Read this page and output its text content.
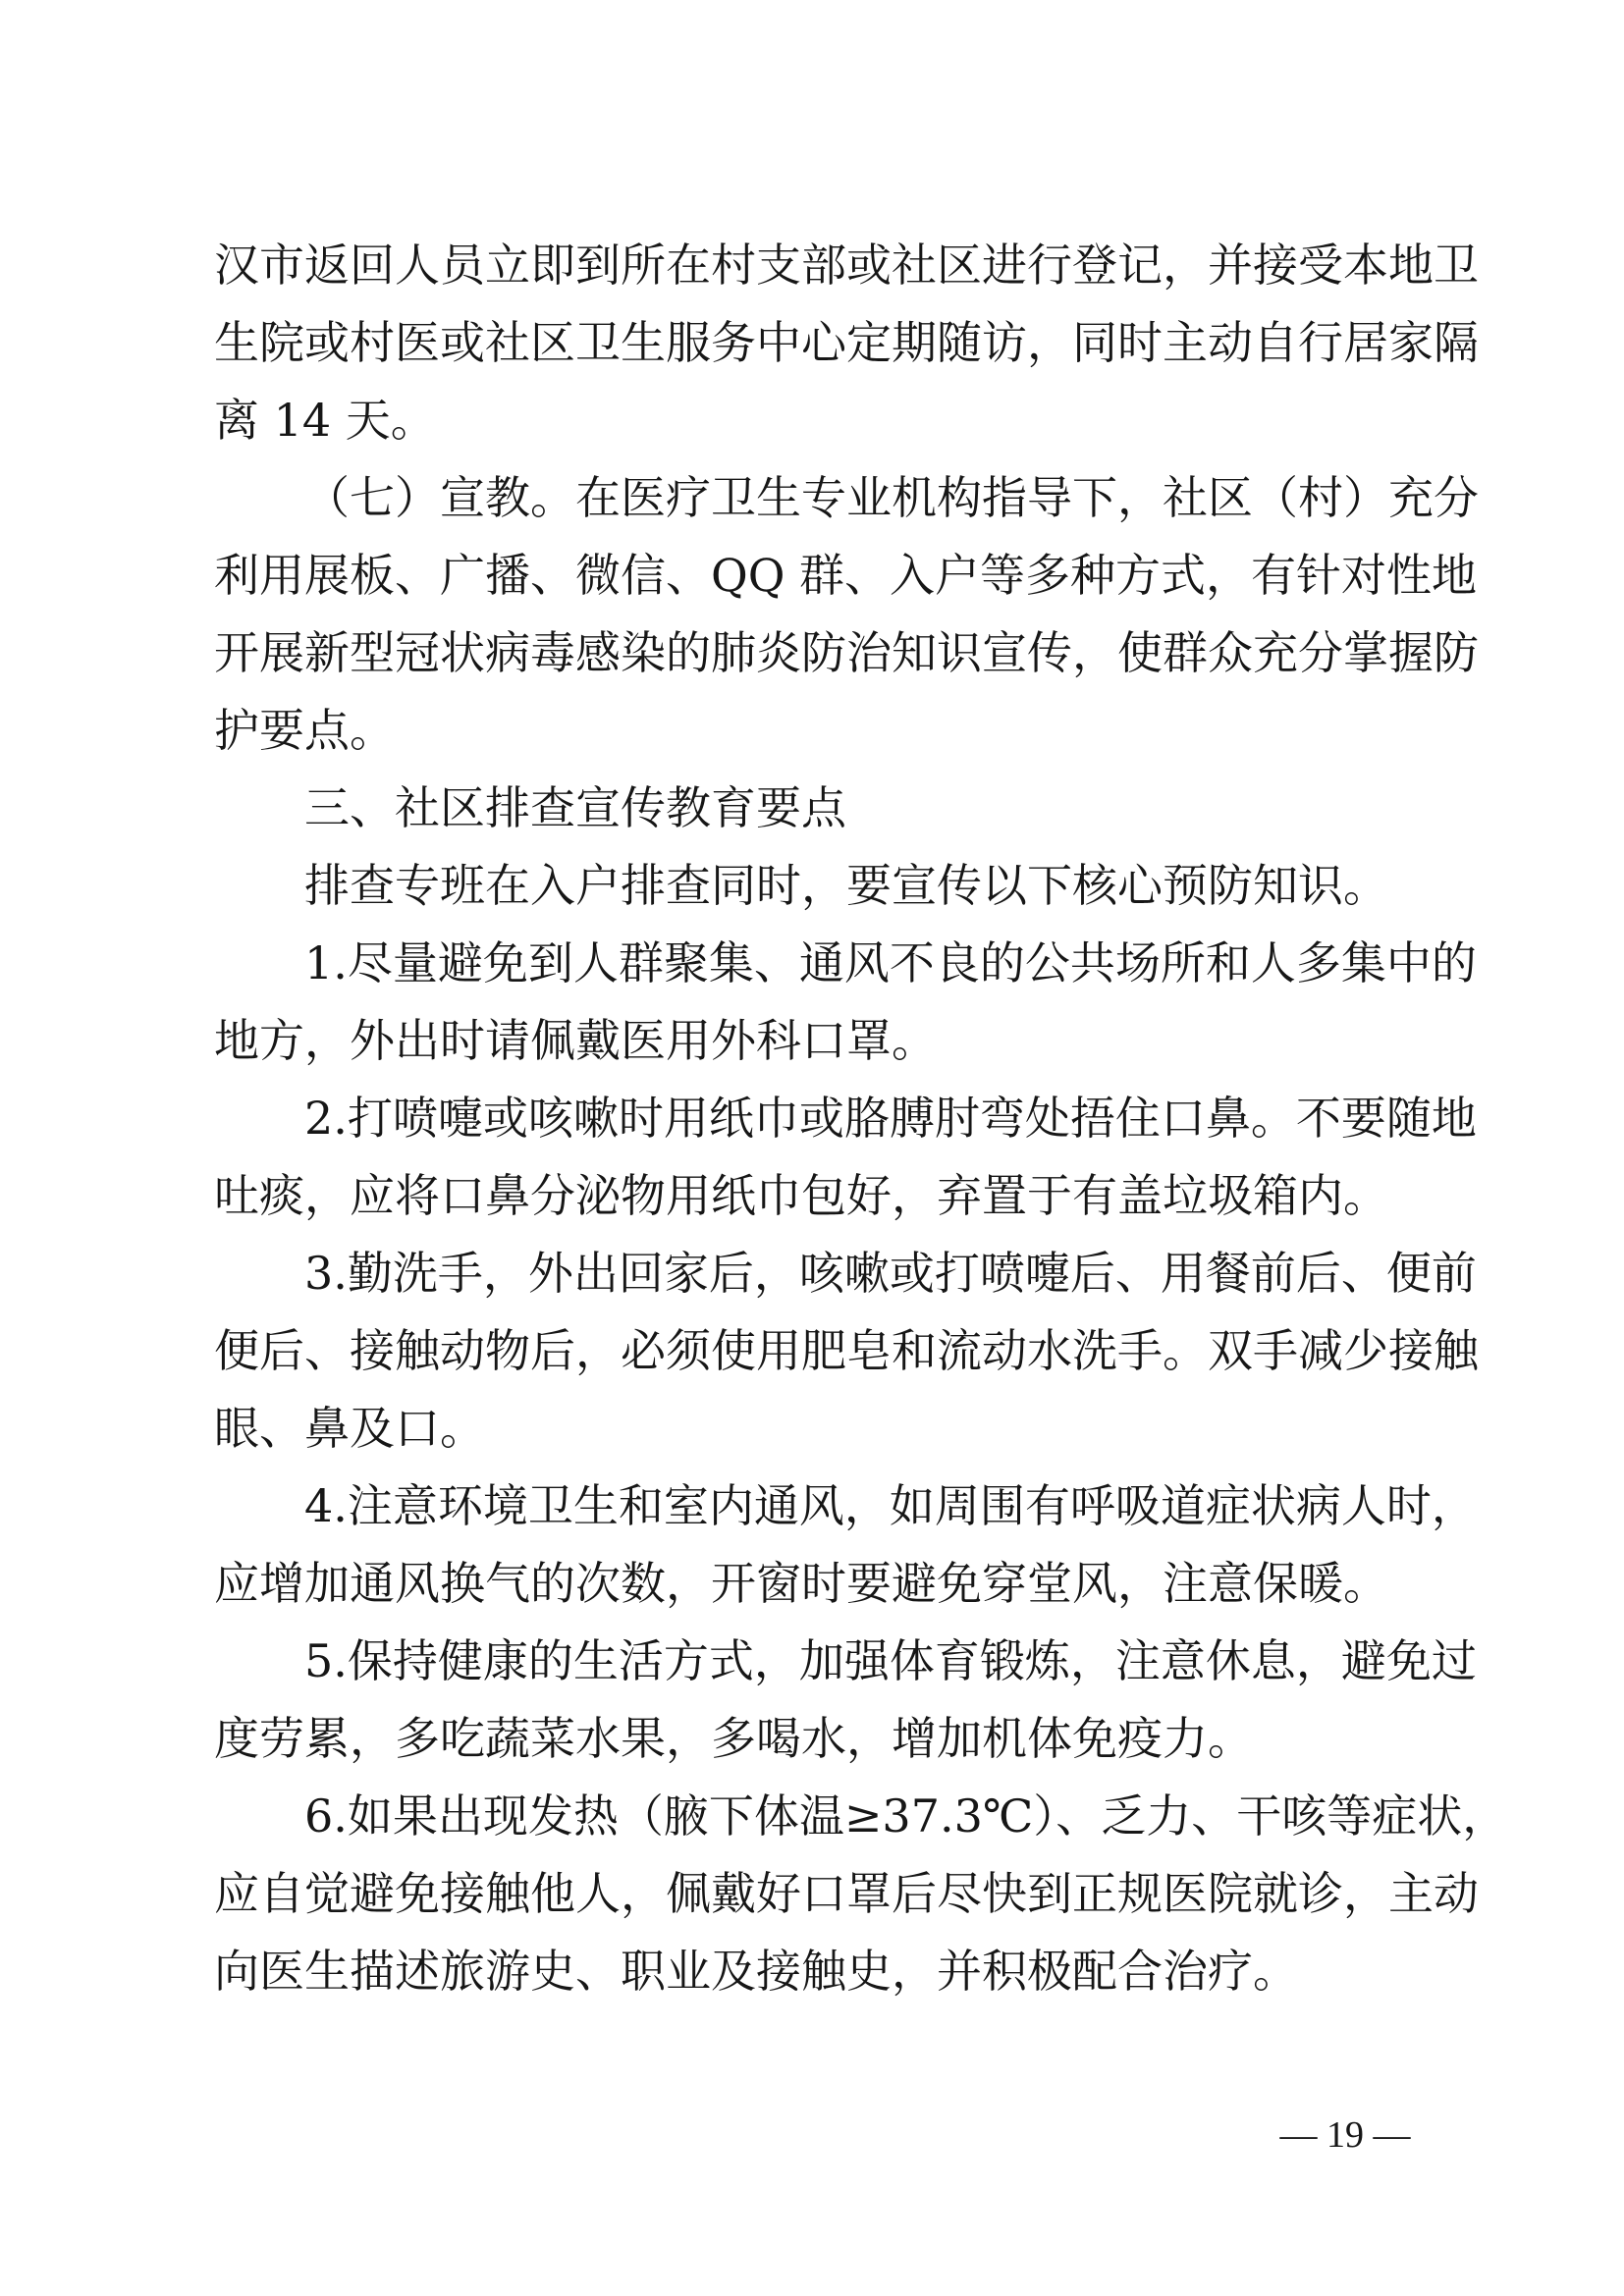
汉市返回人员立即到所在村支部或社区进行登记，并接受本地卫
生院或村医或社区卫生服务中心定期随访，同时主动自行居家隔
离 14 天。
（七）宣教。在医疗卫生专业机构指导下，社区（村）充分
利用展板、广播、微信、QQ 群、入户等多种方式，有针对性地
开展新型冠状病毒感染的肺炎防治知识宣传，使群众充分掌握防
护要点。
三、社区排查宣传教育要点
排查专班在入户排查同时，要宣传以下核心预防知识。
1.尽量避免到人群聚集、通风不良的公共场所和人多集中的
地方，外出时请佩戴医用外科口罩。
2.打喷嚏或咳嗽时用纸巾或胳膊肘弯处捂住口鼻。不要随地
吐痰，应将口鼻分泌物用纸巾包好，弃置于有盖垃圾箱内。
3.勤洗手，外出回家后，咳嗽或打喷嚏后、用餐前后、便前
便后、接触动物后，必须使用肥皂和流动水洗手。双手减少接触
眼、鼻及口。
4.注意环境卫生和室内通风，如周围有呼吸道症状病人时，
应增加通风换气的次数，开窗时要避免穿堂风，注意保暖。
5.保持健康的生活方式，加强体育锻炼，注意休息，避免过
度劳累，多吃蔬菜水果，多喝水，增加机体免疫力。
6.如果出现发热（腋下体温≥37.3℃）、乏力、干咳等症状，
应自觉避免接触他人，佩戴好口罩后尽快到正规医院就诊，主动
向医生描述旅游史、职业及接触史，并积极配合治疗。
— 19 —
